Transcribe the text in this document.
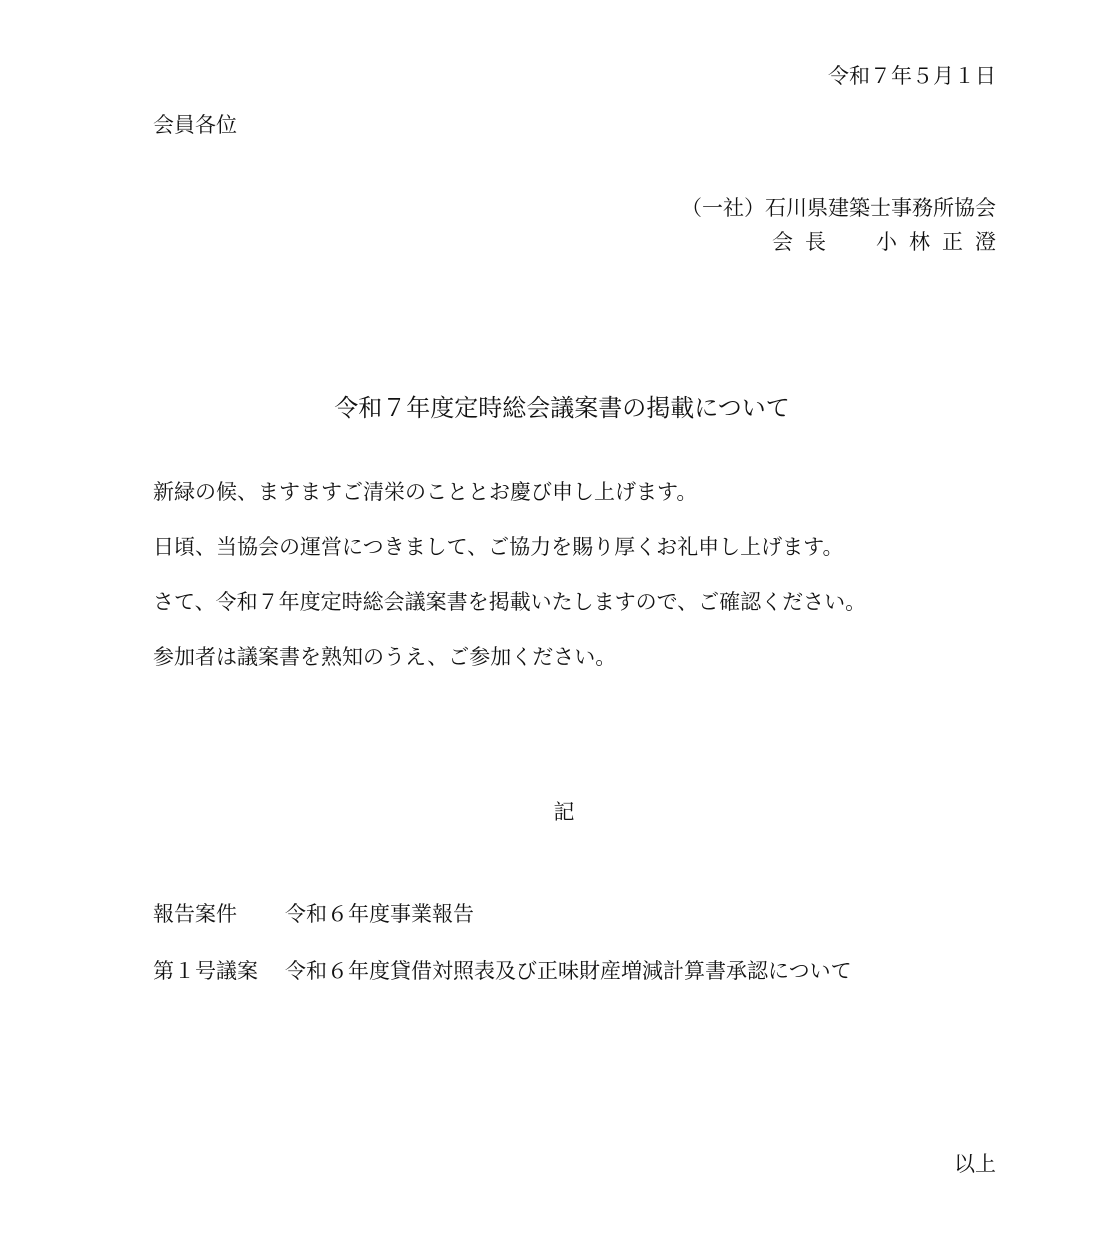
令和７年５月１日
会員各位
（一社）石川県建築士事務所協会
会長 小林正澄
令和７年度定時総会議案書の掲載について
新緑の候、ますますご清栄のこととお慶び申し上げます。
日頃、当協会の運営につきまして、ご協力を賜り厚くお礼申し上げます。
さて、令和７年度定時総会議案書を掲載いたしますので、ご確認ください。
参加者は議案書を熟知のうえ、ご参加ください。
記
報告案件 令和６年度事業報告
第１号議案 令和６年度貸借対照表及び正味財産増減計算書承認について
以上
